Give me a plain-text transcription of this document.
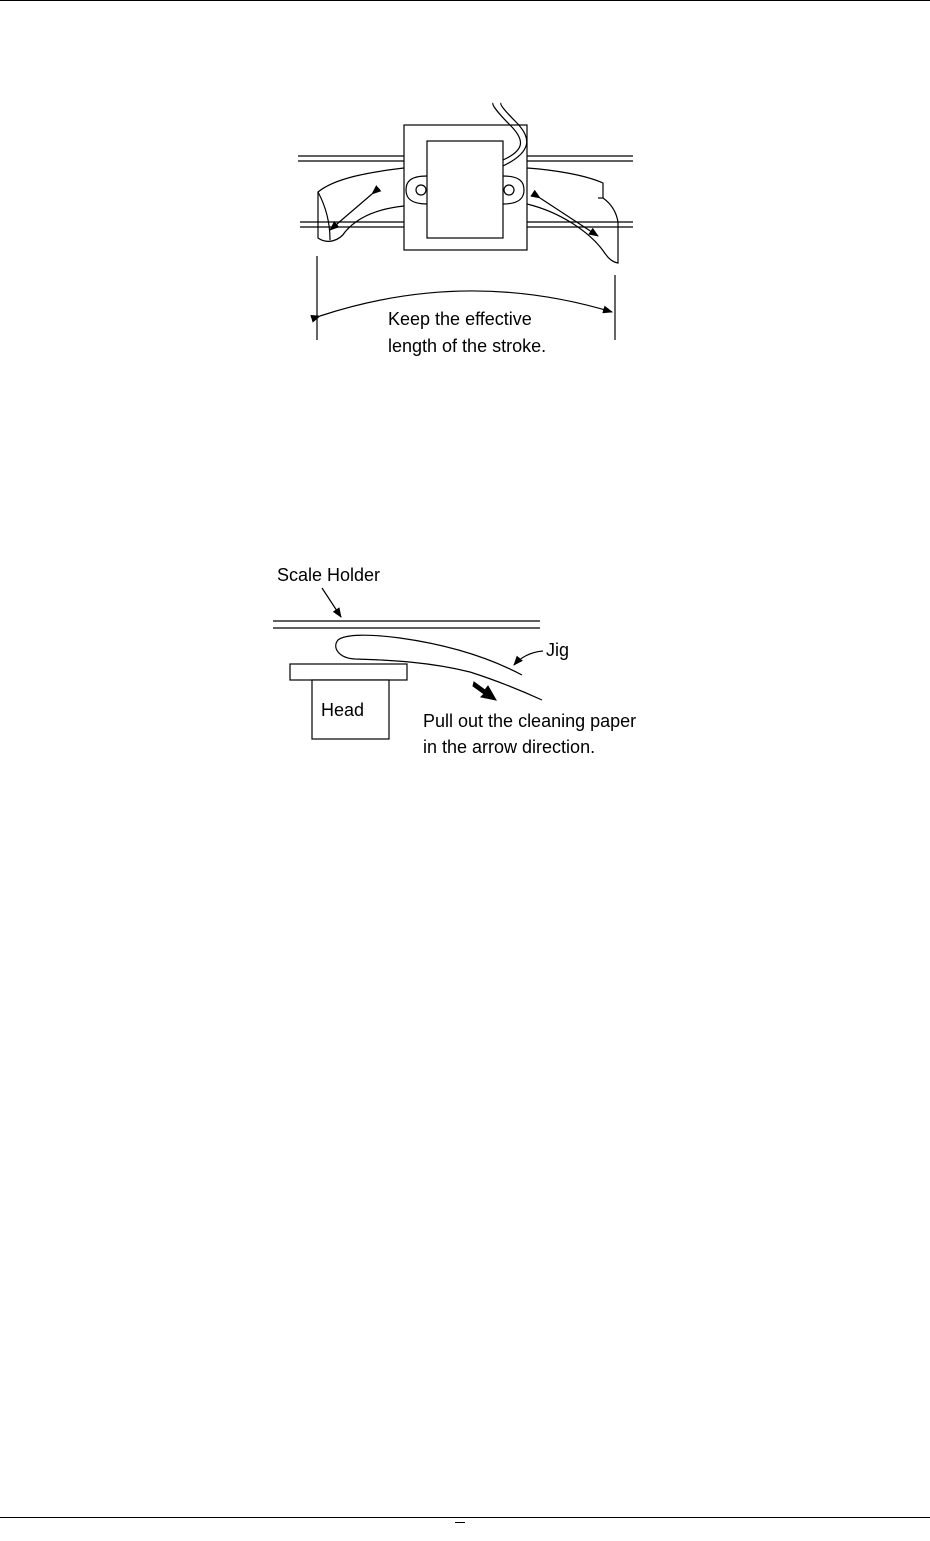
Keep the effective
length of the stroke.
Scale Holder
Jig
Head
Pull out the cleaning paper
in the arrow direction.
